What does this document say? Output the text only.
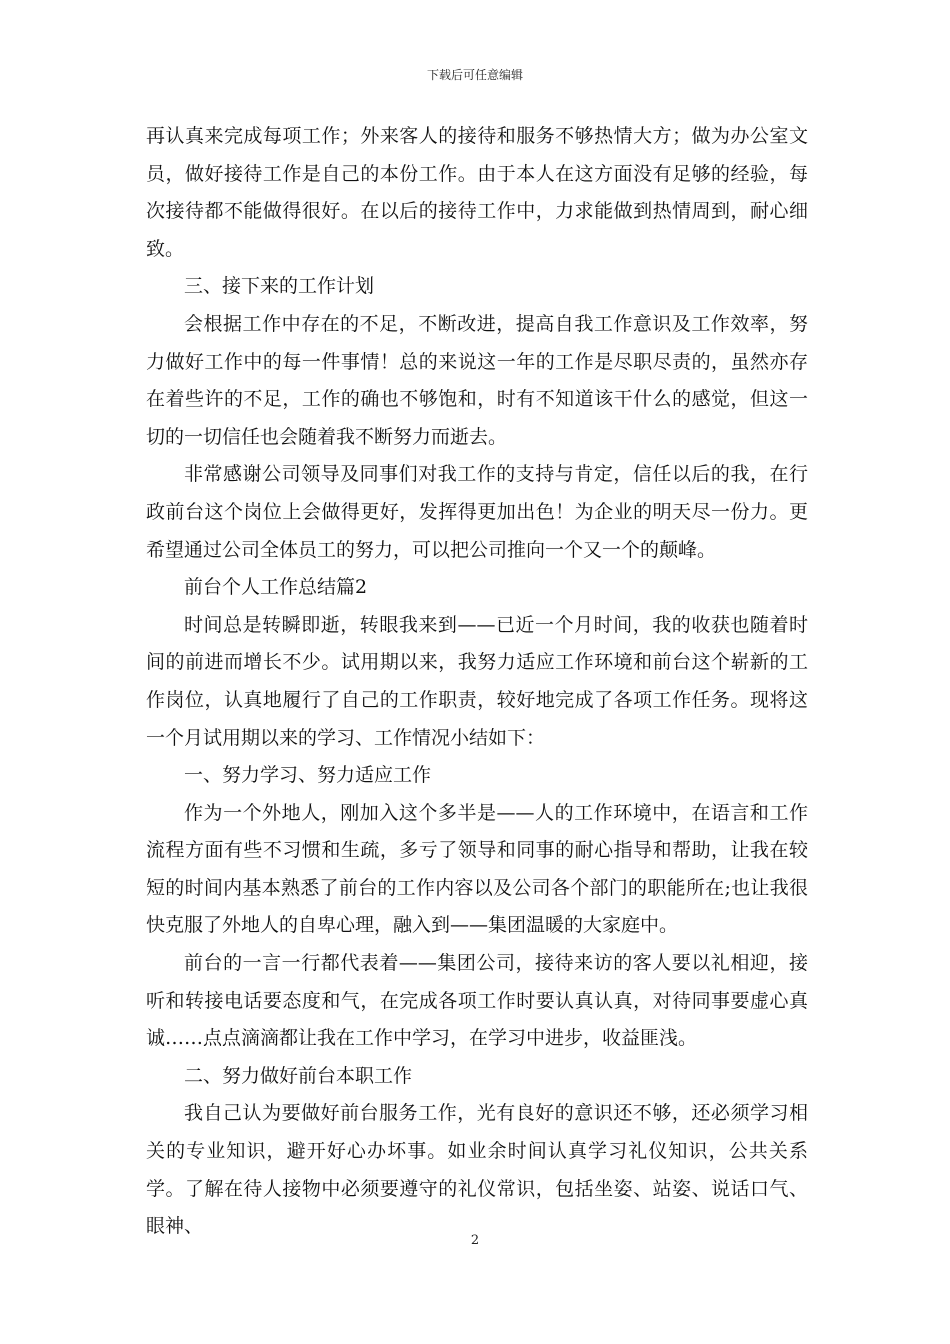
下载后可任意编辑

再认真来完成每项工作；外来客人的接待和服务不够热情大方；做为办公室文员，做好接待工作是自己的本份工作。由于本人在这方面没有足够的经验，每次接待都不能做得很好。在以后的接待工作中，力求能做到热情周到，耐心细致。

三、接下来的工作计划

会根据工作中存在的不足，不断改进，提高自我工作意识及工作效率，努力做好工作中的每一件事情！总的来说这一年的工作是尽职尽责的，虽然亦存在着些许的不足，工作的确也不够饱和，时有不知道该干什么的感觉，但这一切的一切信任也会随着我不断努力而逝去。

非常感谢公司领导及同事们对我工作的支持与肯定，信任以后的我，在行政前台这个岗位上会做得更好，发挥得更加出色！为企业的明天尽一份力。更希望通过公司全体员工的努力，可以把公司推向一个又一个的颠峰。

前台个人工作总结篇2

时间总是转瞬即逝，转眼我来到——已近一个月时间，我的收获也随着时间的前进而增长不少。试用期以来，我努力适应工作环境和前台这个崭新的工作岗位，认真地履行了自己的工作职责，较好地完成了各项工作任务。现将这一个月试用期以来的学习、工作情况小结如下：

一、努力学习、努力适应工作

作为一个外地人，刚加入这个多半是——人的工作环境中，在语言和工作流程方面有些不习惯和生疏，多亏了领导和同事的耐心指导和帮助，让我在较短的时间内基本熟悉了前台的工作内容以及公司各个部门的职能所在;也让我很快克服了外地人的自卑心理，融入到——集团温暖的大家庭中。

前台的一言一行都代表着——集团公司，接待来访的客人要以礼相迎，接听和转接电话要态度和气，在完成各项工作时要认真认真，对待同事要虚心真诚……点点滴滴都让我在工作中学习，在学习中进步，收益匪浅。

二、努力做好前台本职工作

我自己认为要做好前台服务工作，光有良好的意识还不够，还必须学习相关的专业知识，避开好心办坏事。如业余时间认真学习礼仪知识，公共关系学。了解在待人接物中必须要遵守的礼仪常识，包括坐姿、站姿、说话口气、眼神、

2
